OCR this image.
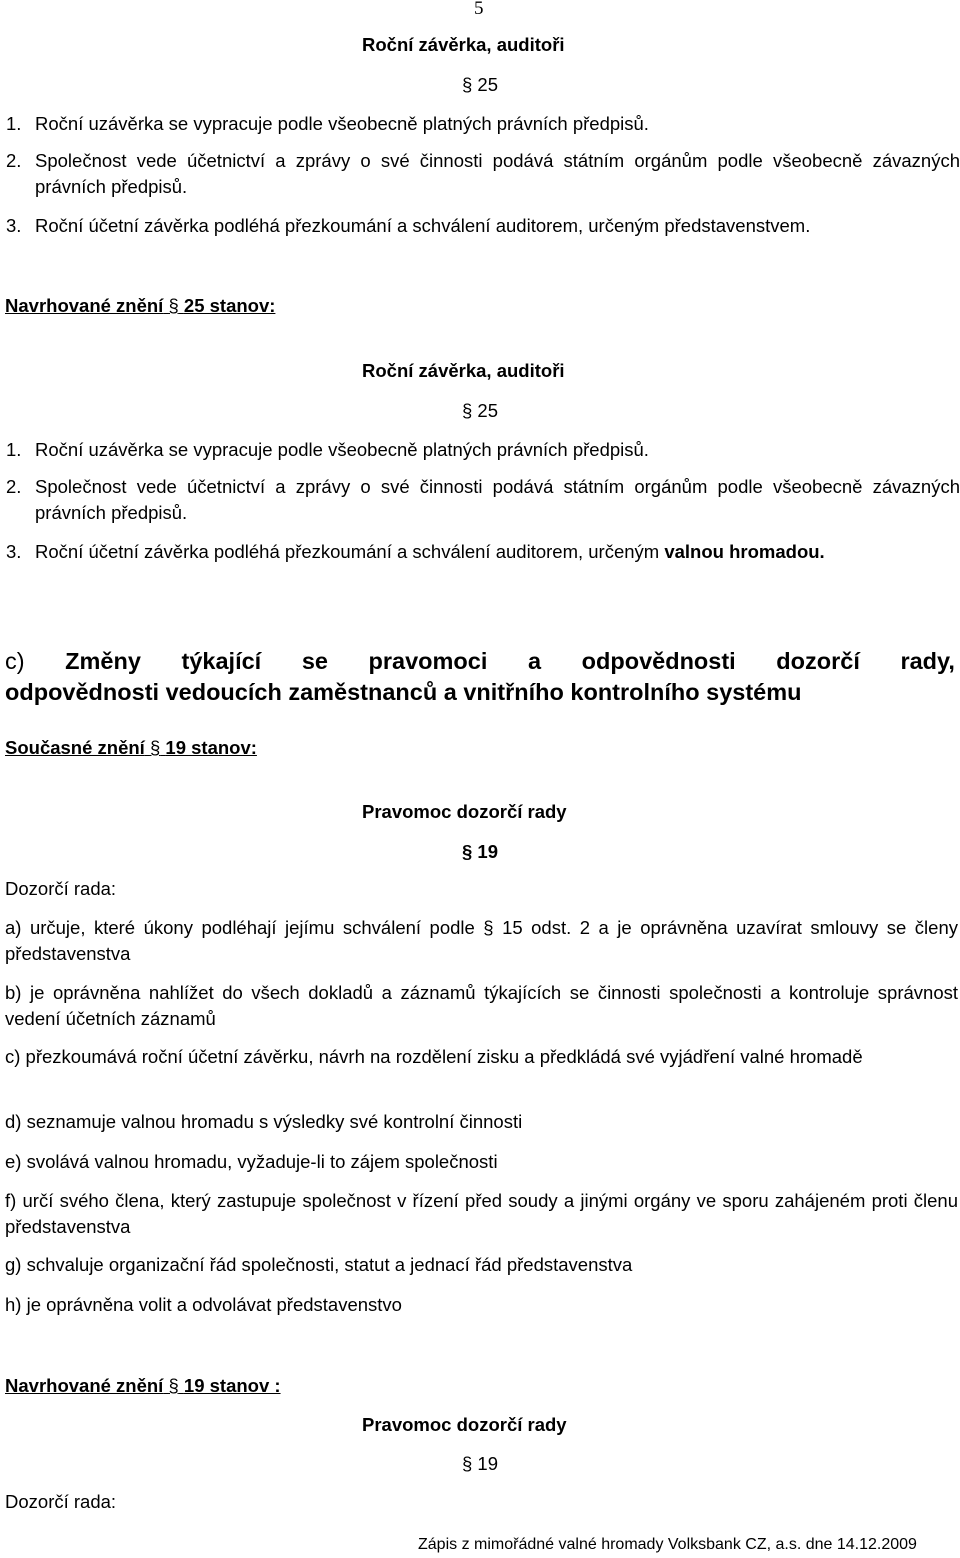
5
Roční závěrka, auditoři
§ 25
1. Roční uzávěrka se vypracuje podle všeobecně platných právních předpisů.
2. Společnost vede účetnictví a zprávy o své činnosti podává státním orgánům podle všeobecně závazných právních předpisů.
3. Roční účetní závěrka podléhá přezkoumání a schválení auditorem, určeným představenstvem.
Navrhované znění § 25 stanov:
Roční závěrka, auditoři
§ 25
1. Roční uzávěrka se vypracuje podle všeobecně platných právních předpisů.
2. Společnost vede účetnictví a zprávy o své činnosti podává státním orgánům podle všeobecně závazných právních předpisů.
3. Roční účetní závěrka podléhá přezkoumání a schválení auditorem, určeným valnou hromadou.
c) Změny týkající se pravomoci a odpovědnosti dozorčí rady,
odpovědnosti vedoucích zaměstnanců a vnitřního kontrolního systému
Současné znění § 19 stanov:
Pravomoc dozorčí rady
§ 19
Dozorčí rada:
a) určuje, které úkony podléhají jejímu schválení podle § 15 odst. 2 a je oprávněna uzavírat smlouvy se členy představenstva
b) je oprávněna nahlížet do všech dokladů a záznamů týkajících se činnosti společnosti a kontroluje správnost vedení účetních záznamů
c) přezkoumává roční účetní závěrku, návrh na rozdělení zisku a předkládá své vyjádření valné hromadě
d) seznamuje valnou hromadu s výsledky své kontrolní činnosti
e) svolává valnou hromadu, vyžaduje-li to zájem společnosti
f) určí svého člena, který zastupuje společnost v řízení před soudy a jinými orgány ve sporu zahájeném proti členu představenstva
g) schvaluje organizační řád společnosti, statut a jednací řád představenstva
h) je oprávněna volit a odvolávat představenstvo
Navrhované znění § 19 stanov :
Pravomoc dozorčí rady
§ 19
Dozorčí rada:
Zápis z mimořádné valné hromady Volksbank CZ, a.s. dne 14.12.2009
